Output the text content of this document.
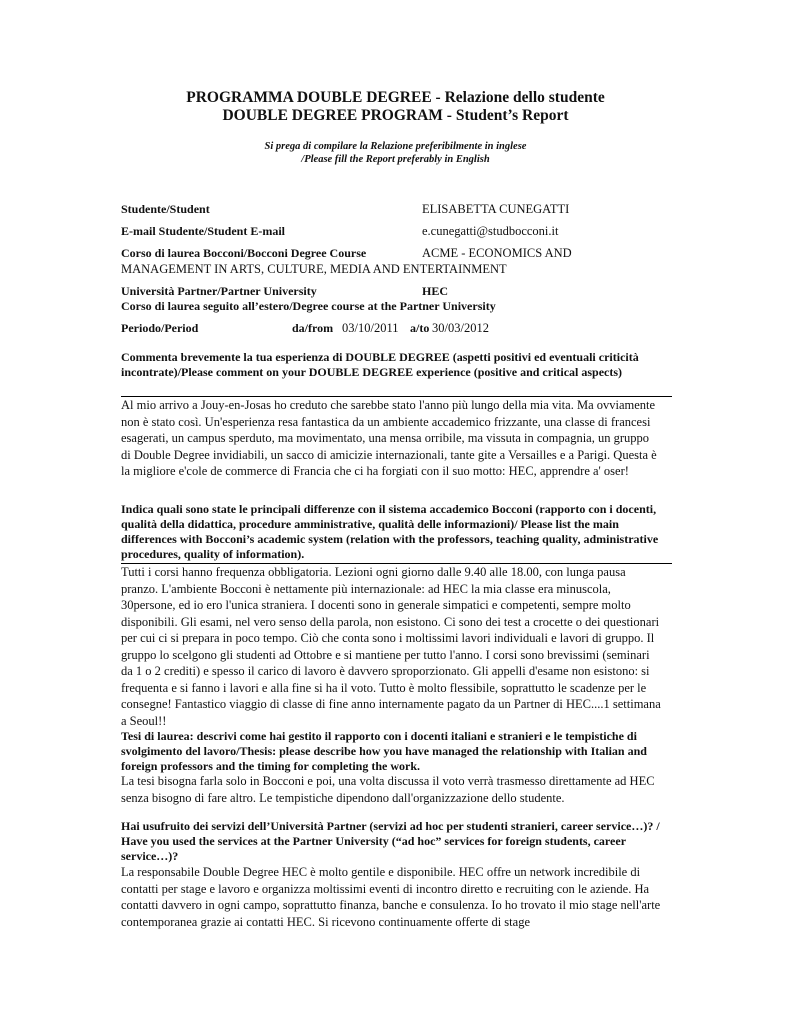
PROGRAMMA DOUBLE DEGREE - Relazione dello studente
DOUBLE DEGREE PROGRAM - Student’s Report
Si prega di compilare la Relazione preferibilmente in inglese
/Please fill the Report preferably in English
Studente/Student	ELISABETTA CUNEGATTI
E-mail Studente/Student E-mail	e.cunegatti@studbocconi.it
Corso di laurea Bocconi/Bocconi Degree Course	ACME - ECONOMICS AND
MANAGEMENT IN ARTS, CULTURE, MEDIA AND ENTERTAINMENT
Università Partner/Partner University	HEC
Corso di laurea seguito all’estero/Degree course at the Partner University
Periodo/Period	da/from 03/10/2011 a/to 30/03/2012
Commenta brevemente la tua esperienza di DOUBLE DEGREE (aspetti positivi ed eventuali criticità incontrate)/Please comment on your DOUBLE DEGREE experience (positive and critical aspects)
Al mio arrivo a Jouy-en-Josas ho creduto che sarebbe stato l'anno più lungo della mia vita. Ma ovviamente non è stato così. Un'esperienza resa fantastica da un ambiente accademico frizzante, una classe di francesi esagerati, un campus sperduto, ma movimentato, una mensa orribile, ma vissuta in compagnia, un gruppo di Double Degree invidiabili, un sacco di amicizie internazionali, tante gite a Versailles e a Parigi. Questa è la migliore e'cole de commerce di Francia che ci ha forgiati con il suo motto: HEC, apprendre a' oser!
Indica quali sono state le principali differenze con il sistema accademico Bocconi (rapporto con i docenti, qualità della didattica, procedure amministrative, qualità delle informazioni)/ Please list the main differences with Bocconi’s academic system (relation with the professors, teaching quality, administrative procedures, quality of information).
Tutti i corsi hanno frequenza obbligatoria. Lezioni ogni giorno dalle 9.40 alle 18.00, con lunga pausa pranzo. L'ambiente Bocconi è nettamente più internazionale: ad HEC la mia classe era minuscola, 30persone, ed io ero l'unica straniera. I docenti sono in generale simpatici e competenti, sempre molto disponibili. Gli esami, nel vero senso della parola, non esistono. Ci sono dei test a crocette o dei questionari per cui ci si prepara in poco tempo. Ciò che conta sono i moltissimi lavori individuali e lavori di gruppo. Il gruppo lo scelgono gli studenti ad Ottobre e si mantiene per tutto l'anno. I corsi sono brevissimi (seminari da 1 o 2 crediti) e spesso il carico di lavoro è davvero sproporzionato. Gli appelli d'esame non esistono: si frequenta e si fanno i lavori e alla fine si ha il voto. Tutto è molto flessibile, soprattutto le scadenze per le consegne! Fantastico viaggio di classe di fine anno internamente pagato da un Partner di HEC....1 settimana a Seoul!!
Tesi di laurea: descrivi come hai gestito il rapporto con i docenti italiani e stranieri e le tempistiche di svolgimento del lavoro/Thesis: please describe how you have managed the relationship with Italian and foreign professors and the timing for completing the work.
La tesi bisogna farla solo in Bocconi e poi, una volta discussa il voto verrà trasmesso direttamente ad HEC senza bisogno di fare altro. Le tempistiche dipendono dall'organizzazione dello studente.
Hai usufruito dei servizi dell’Università Partner (servizi ad hoc per studenti stranieri, career service…)? / Have you used the services at the Partner University (“ad hoc” services for foreign students, career service…)?
La responsabile Double Degree HEC è molto gentile e disponibile. HEC offre un network incredibile di contatti per stage e lavoro e organizza moltissimi eventi di incontro diretto e recruiting con le aziende. Ha contatti davvero in ogni campo, soprattutto finanza, banche e consulenza. Io ho trovato il mio stage nell'arte contemporanea grazie ai contatti HEC. Si ricevono continuamente offerte di stage
